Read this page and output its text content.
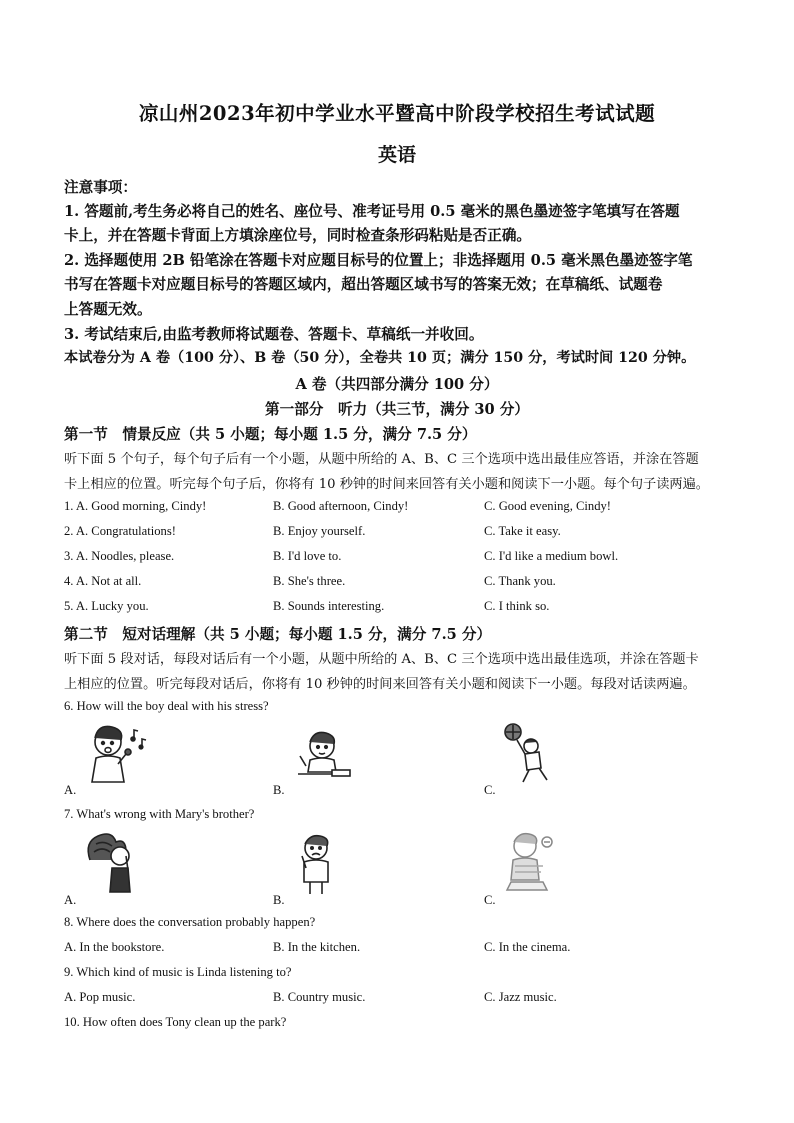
凉山州2023年初中学业水平暨高中阶段学校招生考试试题
英语
注意事项：
1. 答题前,考生务必将自己的姓名、座位号、准考证号用 0.5 毫米的黑色墨迹签字笔填写在答题
卡上，并在答题卡背面上方填涂座位号，同时检查条形码粘贴是否正确。
2. 选择题使用 2B 铅笔涂在答题卡对应题目标号的位置上；非选择题用 0.5 毫米黑色墨迹签字笔
书写在答题卡对应题目标号的答题区域内，超出答题区域书写的答案无效；在草稿纸、试题卷
上答题无效。
3. 考试结束后,由监考教师将试题卷、答题卡、草稿纸一并收回。
本试卷分为 A 卷（100 分）、B 卷（50 分），全卷共 10 页；满分 150 分，考试时间 120 分钟。
A 卷（共四部分满分 100 分）
第一部分　听力（共三节，满分 30 分）
第一节　情景反应（共 5 小题；每小题 1.5 分，满分 7.5 分）
听下面 5 个句子，每个句子后有一个小题，从题中所给的 A、B、C 三个选项中选出最佳应答语，并涂在答题
卡上相应的位置。听完每个句子后，你将有 10 秒钟的时间来回答有关小题和阅读下一小题。每个句子读两遍。
1. A. Good morning, Cindy!	B. Good afternoon, Cindy!	C. Good evening, Cindy!
2. A. Congratulations!	B. Enjoy yourself.	C. Take it easy.
3. A. Noodles, please.	B. I'd love to.	C. I'd like a medium bowl.
4. A. Not at all.	B. She's three.	C. Thank you.
5. A. Lucky you.	B. Sounds interesting.	C. I think so.
第二节　短对话理解（共 5 小题；每小题 1.5 分，满分 7.5 分）
听下面 5 段对话，每段对话后有一个小题，从题中所给的 A、B、C 三个选项中选出最佳选项，并涂在答题卡
上相应的位置。听完每段对话后，你将有 10 秒钟的时间来回答有关小题和阅读下一小题。每段对话读两遍。
6. How will the boy deal with his stress?
A.	B.	C.
7. What's wrong with Mary's brother?
A.	B.	C.
8. Where does the conversation probably happen?
A. In the bookstore.	B. In the kitchen.	C. In the cinema.
9. Which kind of music is Linda listening to?
A. Pop music.	B. Country music.	C. Jazz music.
10. How often does Tony clean up the park?
